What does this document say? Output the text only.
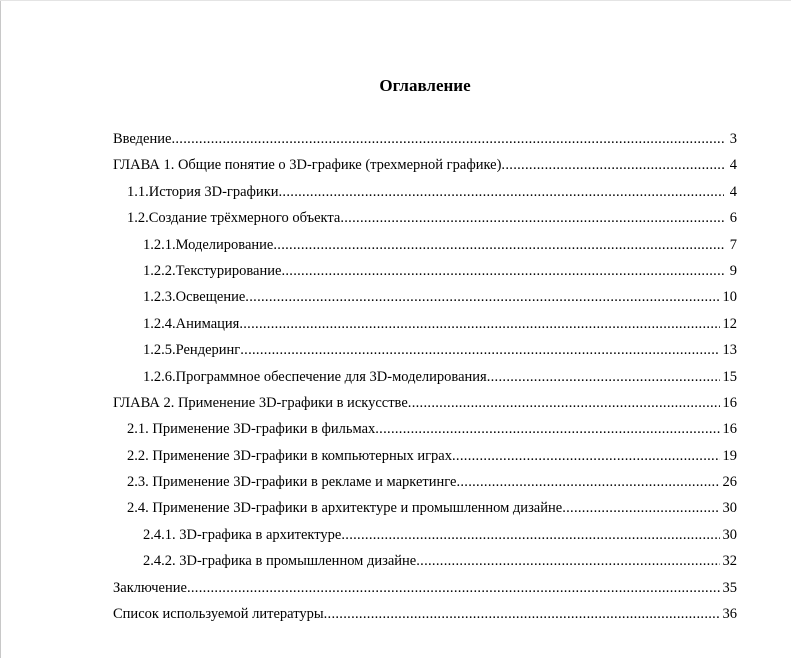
Оглавление
Введение .....	3
ГЛАВА 1. Общие понятие о 3D-графике (трехмерной графике) .....	4
1.1. История 3D-графики .....	4
1.2. Создание трёхмерного объекта .....	6
1.2.1. Моделирование .....	7
1.2.2. Текстурирование .....	9
1.2.3. Освещение .....	10
1.2.4. Анимация .....	12
1.2.5. Рендеринг .....	13
1.2.6. Программное обеспечение для 3D-моделирования .....	15
ГЛАВА 2. Применение 3D-графики в искусстве .....	16
2.1. Применение 3D-графики в фильмах .....	16
2.2. Применение 3D-графики в компьютерных играх .....	19
2.3. Применение 3D-графики в рекламе и маркетинге .....	26
2.4. Применение 3D-графики в архитектуре и промышленном дизайне .....	30
2.4.1. 3D-графика в архитектуре .....	30
2.4.2. 3D-графика в промышленном дизайне .....	32
Заключение .....	35
Список используемой литературы .....	36
